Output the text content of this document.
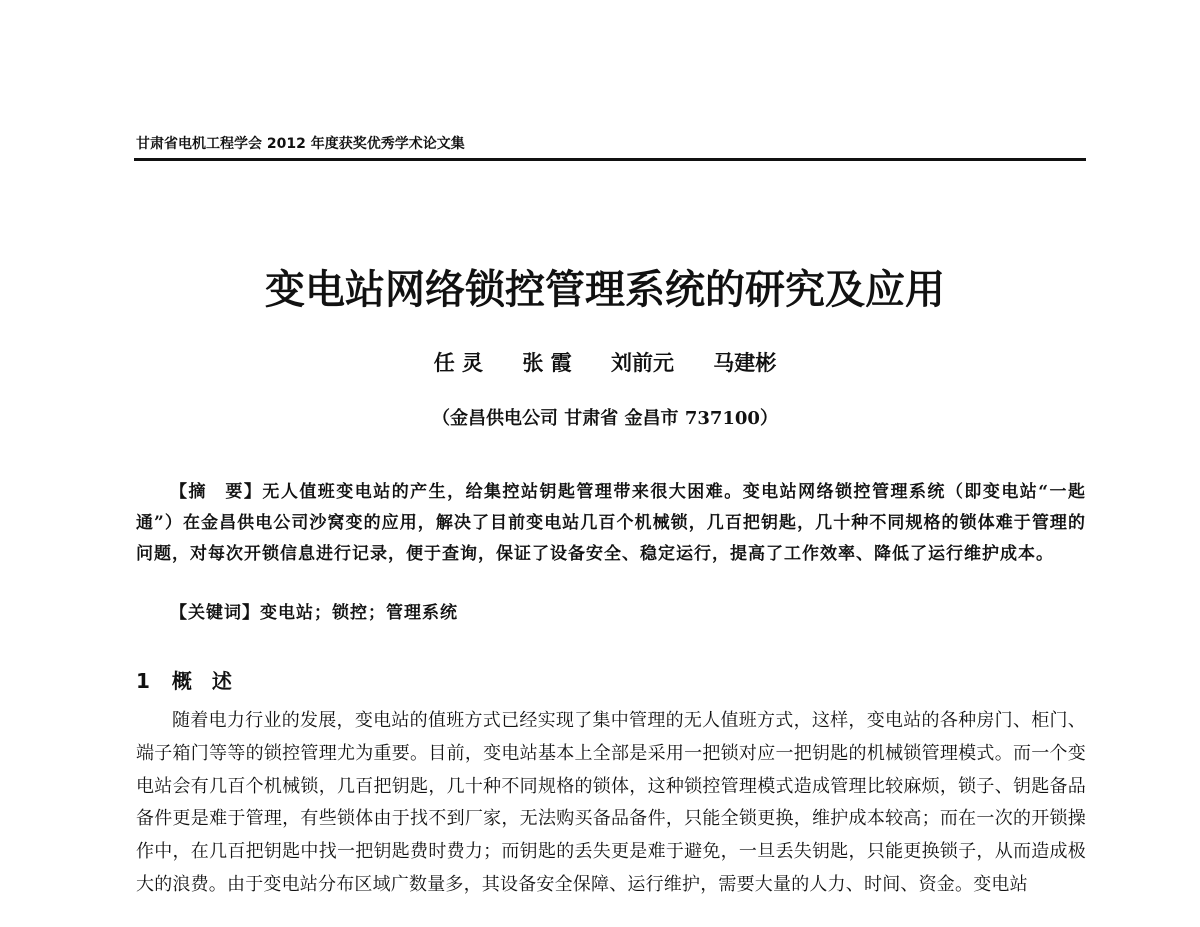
甘肃省电机工程学会 2012 年度获奖优秀学术论文集
变电站网络锁控管理系统的研究及应用
任 灵 张 霞 刘前元 马建彬
（金昌供电公司 甘肃省 金昌市 737100）
【摘　要】无人值班变电站的产生，给集控站钥匙管理带来很大困难。变电站网络锁控管理系统（即变电站“一匙通”）在金昌供电公司沙窝变的应用，解决了目前变电站几百个机械锁，几百把钥匙，几十种不同规格的锁体难于管理的问题，对每次开锁信息进行记录，便于查询，保证了设备安全、稳定运行，提高了工作效率、降低了运行维护成本。
【关键词】变电站；锁控；管理系统
1 概　述
随着电力行业的发展，变电站的值班方式已经实现了集中管理的无人值班方式，这样，变电站的各种房门、柜门、端子箱门等等的锁控管理尤为重要。目前，变电站基本上全部是采用一把锁对应一把钥匙的机械锁管理模式。而一个变电站会有几百个机械锁，几百把钥匙，几十种不同规格的锁体，这种锁控管理模式造成管理比较麻烦，锁子、钥匙备品备件更是难于管理，有些锁体由于找不到厂家，无法购买备品备件，只能全锁更换，维护成本较高；而在一次的开锁操作中，在几百把钥匙中找一把钥匙费时费力；而钥匙的丢失更是难于避免，一旦丢失钥匙，只能更换锁子，从而造成极大的浪费。由于变电站分布区域广数量多，其设备安全保障、运行维护，需要大量的人力、时间、资金。变电站
